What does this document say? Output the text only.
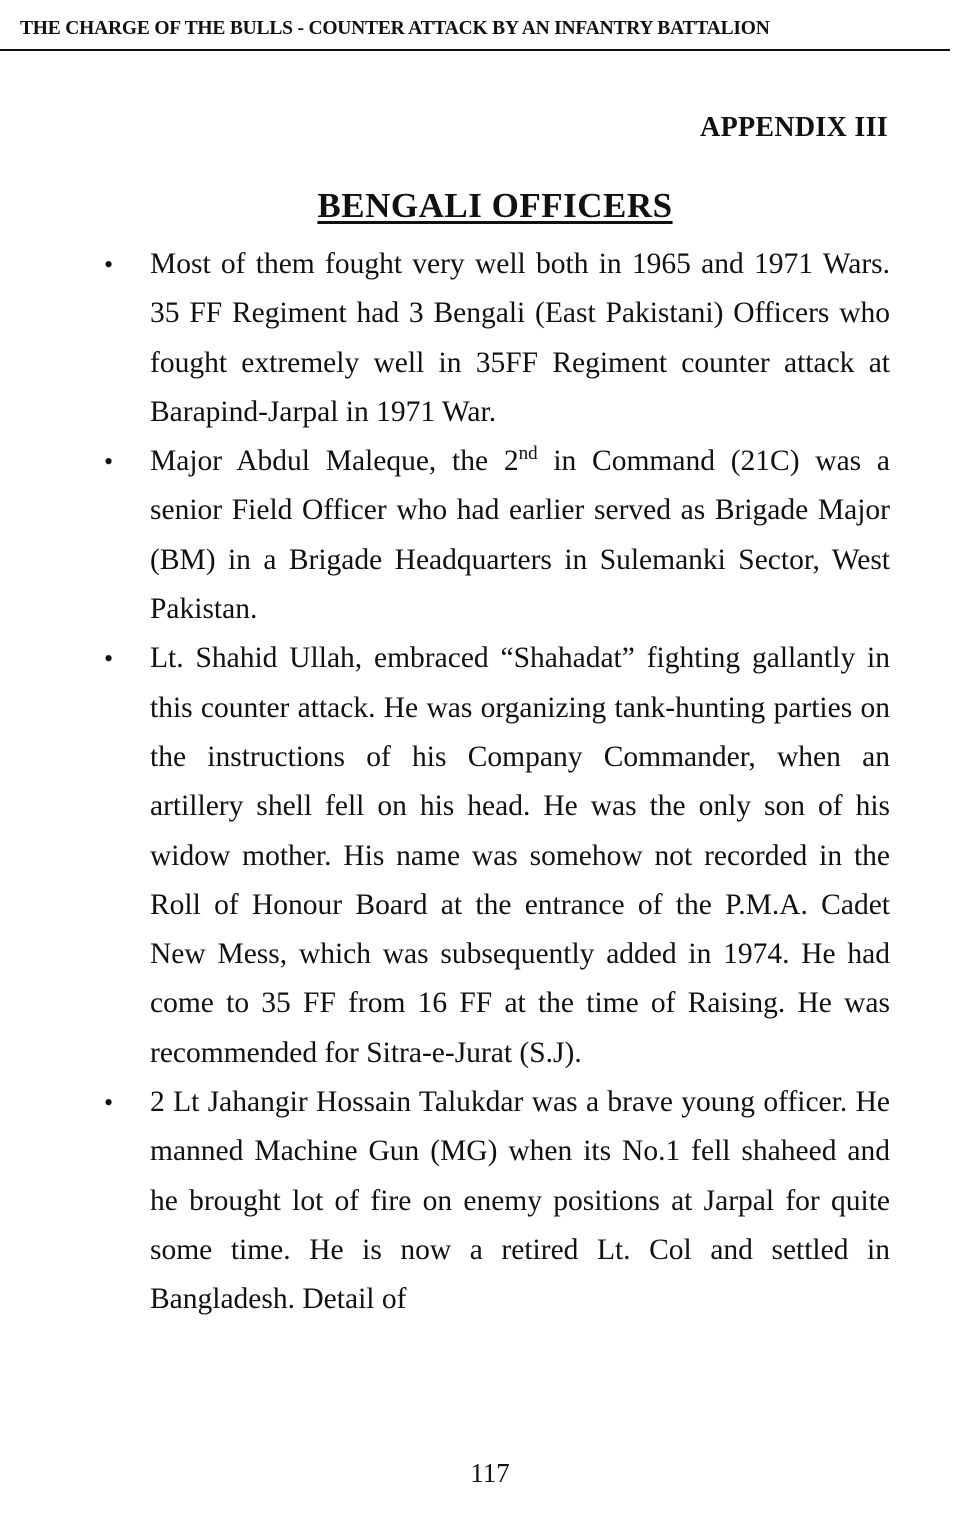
THE CHARGE OF THE BULLS - COUNTER ATTACK BY AN INFANTRY BATTALION
APPENDIX III
BENGALI OFFICERS
• Most of them fought very well both in 1965 and 1971 Wars. 35 FF Regiment had 3 Bengali (East Pakistani) Officers who fought extremely well in 35FF Regiment counter attack at Barapind-Jarpal in 1971 War.
• Major Abdul Maleque, the 2nd in Command (21C) was a senior Field Officer who had earlier served as Brigade Major (BM) in a Brigade Headquarters in Sulemanki Sector, West Pakistan.
• Lt. Shahid Ullah, embraced “Shahadat” fighting gallantly in this counter attack. He was organizing tank-hunting parties on the instructions of his Company Commander, when an artillery shell fell on his head. He was the only son of his widow mother. His name was somehow not recorded in the Roll of Honour Board at the entrance of the P.M.A. Cadet New Mess, which was subsequently added in 1974. He had come to 35 FF from 16 FF at the time of Raising. He was recommended for Sitra-e-Jurat (S.J).
• 2 Lt Jahangir Hossain Talukdar was a brave young officer. He manned Machine Gun (MG) when its No.1 fell shaheed and he brought lot of fire on enemy positions at Jarpal for quite some time. He is now a retired Lt. Col and settled in Bangladesh. Detail of
117
